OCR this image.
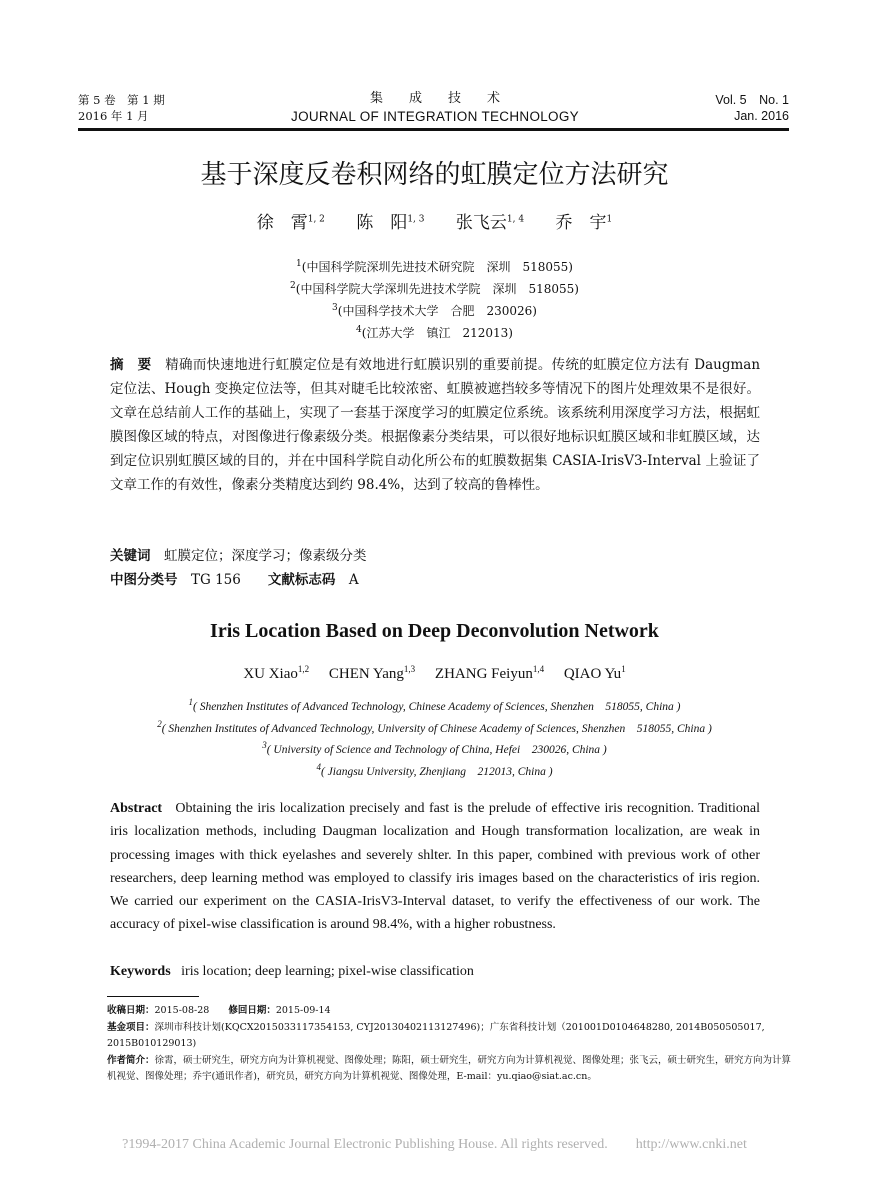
第 5 卷　第 1 期
2016 年 1 月
集成技术
JOURNAL OF INTEGRATION TECHNOLOGY
Vol. 5　No. 1
Jan. 2016
基于深度反卷积网络的虹膜定位方法研究
徐　霄$^{1, 2}$ 陈　阳$^{1, 3}$ 张飞云$^{1, 4}$ 乔　宇$^1$
$^1$(中国科学院深圳先进技术研究院　深圳　518055)
$^2$(中国科学院大学深圳先进技术学院　深圳　518055)
$^3$(中国科学技术大学　合肥　230026)
$^4$(江苏大学　镇江　212013)
摘　要　 精确而快速地进行虹膜定位是有效地进行虹膜识别的重要前提。传统的虹膜定位方法有 Daugman 定位法、Hough 变换定位法等，但其对睫毛比较浓密、虹膜被遮挡较多等情况下的图片处理效果不是很好。文章在总结前人工作的基础上，实现了一套基于深度学习的虹膜定位系统。该系统利用深度学习方法，根据虹膜图像区域的特点，对图像进行像素级分类。根据像素分类结果，可以很好地标识虹膜区域和非虹膜区域，达到定位识别虹膜区域的目的，并在中国科学院自动化所公布的虹膜数据集 CASIA-IrisV3-Interval 上验证了文章工作的有效性，像素分类精度达到约 98.4%，达到了较高的鲁棒性。
关键词　 虹膜定位；深度学习；像素级分类
中图分类号　 TG 156　　 文献标志码　 A
Iris Location Based on Deep Deconvolution Network
XU Xiao$^{1,2}$ CHEN Yang$^{1,3}$ ZHANG Feiyun$^{1,4}$ QIAO Yu$^1$
$^1$( Shenzhen Institutes of Advanced Technology, Chinese Academy of Sciences, Shenzhen　518055, China )
$^2$( Shenzhen Institutes of Advanced Technology, University of Chinese Academy of Sciences, Shenzhen　518055, China )
$^3$( University of Science and Technology of China, Hefei　230026, China )
$^4$( Jiangsu University, Zhenjiang　212013, China )
Abstract Obtaining the iris localization precisely and fast is the prelude of effective iris recognition. Traditional iris localization methods, including Daugman localization and Hough transformation localization, are weak in processing images with thick eyelashes and severely shlter. In this paper, combined with previous work of other researchers, deep learning method was employed to classify iris images based on the characteristics of iris region. We carried our experiment on the CASIA-IrisV3-Interval dataset, to verify the effectiveness of our work. The accuracy of pixel-wise classification is around 98.4%, with a higher robustness.
Keywords iris location; deep learning; pixel-wise classification
收稿日期：2015-08-28　　 修回日期：2015-09-14
基金项目：深圳市科技计划(KQCX2015033117354153, CYJ20130402113127496)；广东省科技计划（201001D0104648280, 2014B050505017, 2015B010129013)
作者简介：徐霄，硕士研究生，研究方向为计算机视觉、图像处理；陈阳，硕士研究生，研究方向为计算机视觉、图像处理；张飞云，硕士研究生，研究方向为计算机视觉、图像处理；乔宇(通讯作者)，研究员，研究方向为计算机视觉、图像处理，E-mail：yu.qiao@siat.ac.cn。
?1994-2017 China Academic Journal Electronic Publishing House. All rights reserved.　　http://www.cnki.net
